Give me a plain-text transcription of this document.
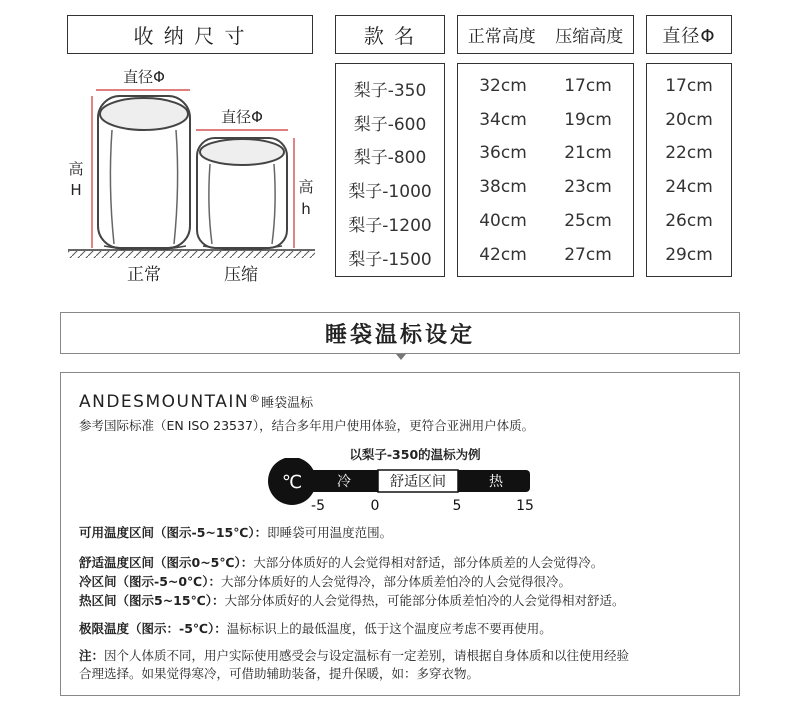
收 纳 尺 寸	款 名	正常高度 压缩高度 直径Φ
直径Φ
高
H
直径Φ
高
h
正常	压缩
梨子-350	32cm	17cm	17cm
梨子-600	34cm	19cm	20cm
梨子-800	36cm	21cm	22cm
梨子-1000	38cm	23cm	24cm
梨子-1200	40cm	25cm	26cm
梨子-1500	42cm	27cm	29cm
睡袋温标设定
ANDESMOUNTAIN®睡袋温标
参考国际标准（EN ISO 23537），结合多年用户使用体验，更符合亚洲用户体质。
以梨子-350的温标为例
℃ 冷	舒适区间	热
-5	0	5	15
可用温度区间（图示-5~15℃）：即睡袋可用温度范围。
舒适温度区间（图示0~5℃）：大部分体质好的人会觉得相对舒适，部分体质差的人会觉得冷。
冷区间（图示-5~0℃）：大部分体质好的人会觉得冷，部分体质差怕冷的人会觉得很冷。
热区间（图示5~15℃）：大部分体质好的人会觉得热，可能部分体质差怕冷的人会觉得相对舒适。
极限温度（图示：-5℃）：温标标识上的最低温度，低于这个温度应考虑不要再使用。
注：因个人体质不同，用户实际使用感受会与设定温标有一定差别，请根据自身体质和以往使用经验
合理选择。如果觉得寒冷，可借助辅助装备，提升保暖，如：多穿衣物。
